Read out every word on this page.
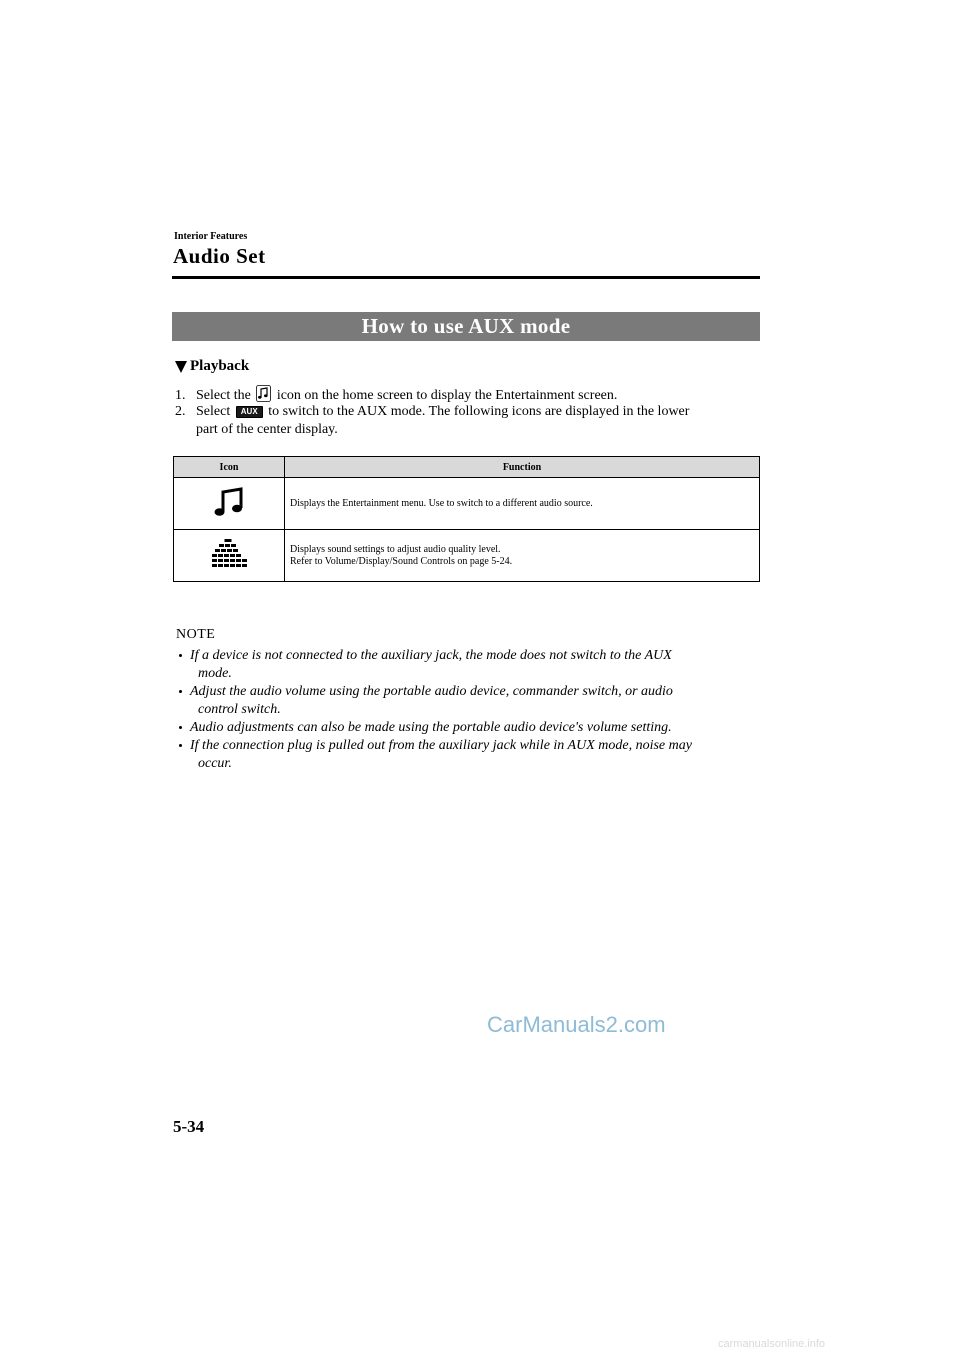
Interior Features
Audio Set
How to use AUX mode
Playback
1. Select the icon on the home screen to display the Entertainment screen.
2. Select AUX to switch to the AUX mode. The following icons are displayed in the lower
part of the center display.
Icon	Function
	Displays the Entertainment menu. Use to switch to a different audio source.
	Displays sound settings to adjust audio quality level.
Refer to Volume/Display/Sound Controls on page 5-24.
NOTE
If a device is not connected to the auxiliary jack, the mode does not switch to the AUX
mode.
Adjust the audio volume using the portable audio device, commander switch, or audio
control switch.
Audio adjustments can also be made using the portable audio device's volume setting.
If the connection plug is pulled out from the auxiliary jack while in AUX mode, noise may
occur.
CarManuals2.com
5-34
carmanualsonline.info
